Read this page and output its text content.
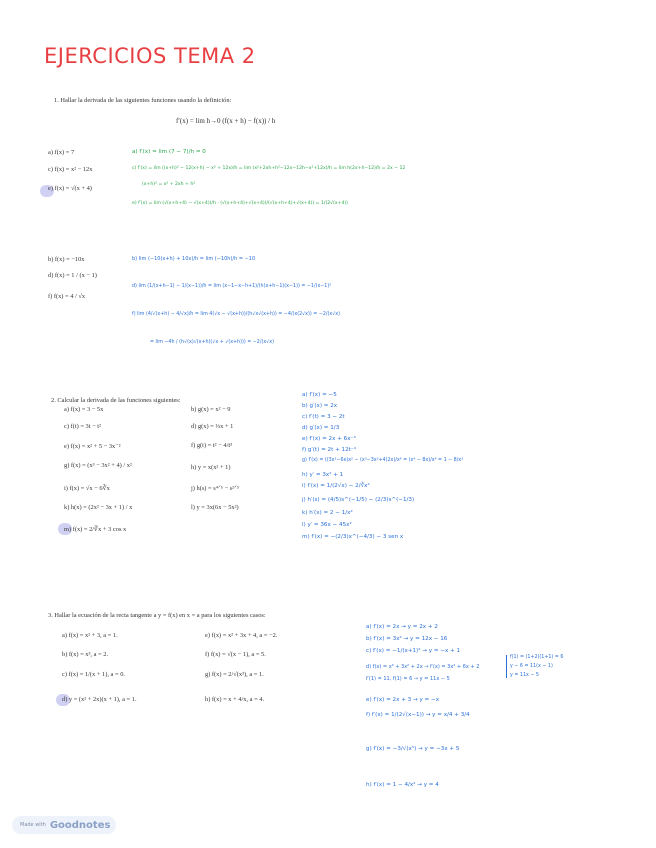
EJERCICIOS TEMA 2
1. Hallar la derivada de las siguientes funciones usando la definición:
f′(x) = lim h→0 (f(x + h) − f(x)) / h
a) f(x) = 7
c) f(x) = x² − 12x
e) f(x) = √(x + 4)
b) f(x) = −10x
d) f(x) = 1 / (x − 1)
f) f(x) = 4 / √x
a) f′(x) = lim (7 − 7)/h = 0
c) f′(x) = lim ((x+h)² − 12(x+h) − x² + 12x)/h = lim (x²+2xh+h²−12x−12h−x²+12x)/h = lim h(2x+h−12)/h = 2x − 12
(x+h)² = x² + 2xh + h²
e) f′(x) = lim (√(x+h+4) − √(x+4))/h · (√(x+h+4)+√(x+4))/(√(x+h+4)+√(x+4)) = 1/(2√(x+4))
b) lim (−10(x+h) + 10x)/h = lim (−10h)/h = −10
d) lim (1/(x+h−1) − 1/(x−1))/h = lim (x−1−x−h+1)/(h(x+h−1)(x−1)) = −1/(x−1)²
f) lim (4/√(x+h) − 4/√x)/h = lim 4(√x − √(x+h))/(h√x√(x+h)) = −4/(x(2√x)) = −2/(x√x)
= lim −4h / (h√(x)√(x+h)(√x + √(x+h))) = −2/(x√x)
2. Calcular la derivada de las funciones siguientes:
a) f(x) = 3 − 5x
c) f(t) = 3t − t²
e) f(x) = x² + 5 − 3x⁻²
g) f(x) = (x³ − 3x² + 4) / x²
i) f(x) = √x − 6∛x
k) h(x) = (2x² − 3x + 1) / x
m) f(x) = 2/∛x + 3 cos x
b) g(x) = x² − 9
d) g(x) = ⅓x + 1
f) g(t) = t² − 4/t³
h) y = x(x² + 1)
j) h(s) = s⁴ᐟ⁵ − s²ᐟ³
l) y = 3x(6x − 5x²)
a) f′(x) = −5
b) g′(x) = 2x
c) f′(t) = 3 − 2t
d) g′(x) = 1/3
e) f′(x) = 2x + 6x⁻³
f) g′(t) = 2t + 12t⁻⁴
g) f′(x) = ((3x²−6x)x² − (x³−3x²+4)2x)/x⁴ = (x⁴ − 8x)/x⁴ = 1 − 8/x³
h) y′ = 3x² + 1
i) f′(x) = 1/(2√x) − 2/∛x²
j) h′(s) = (4/5)s^(−1/5) − (2/3)s^(−1/3)
k) h′(x) = 2 − 1/x²
l) y′ = 36x − 45x²
m) f′(x) = −(2/3)x^(−4/3) − 3 sen x
3. Hallar la ecuación de la recta tangente a y = f(x) en x = a para los siguientes casos:
a) f(x) = x² + 3, a = 1.
b) f(x) = x³, a = 2.
c) f(x) = 1/(x + 1), a = 0.
d) y = (x² + 2x)(x + 1), a = 1.
e) f(x) = x² + 3x + 4, a = −2.
f) f(x) = √(x − 1), a = 5.
g) f(x) = 2/√(x³), a = 1.
h) f(x) = x + 4/x, a = 4.
a) f′(x) = 2x → y = 2x + 2
b) f′(x) = 3x² → y = 12x − 16
c) f′(x) = −1/(x+1)² → y = −x + 1
d) f(x) = x³ + 3x² + 2x → f′(x) = 3x² + 6x + 2
f′(1) = 11, f(1) = 6 → y = 11x − 5
e) f′(x) = 2x + 3 → y = −x
f) f′(x) = 1/(2√(x−1)) → y = x/4 + 3/4
g) f′(x) = −3/√(x⁵) → y = −3x + 5
h) f′(x) = 1 − 4/x² → y = 4
f(1) = (1+2)(1+1) = 6
y − 6 = 11(x − 1)
y = 11x − 5
Made with Goodnotes
